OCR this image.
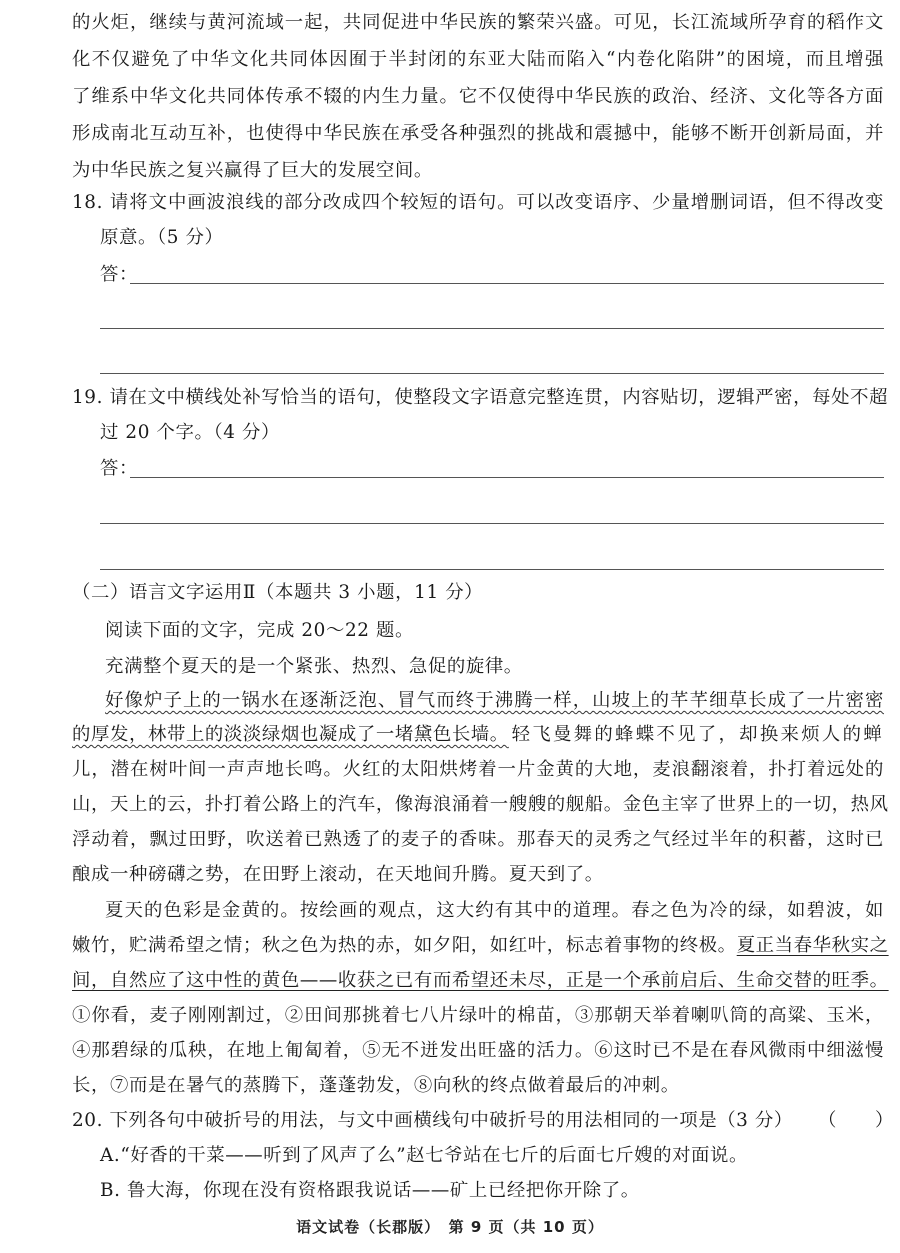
的火炬，继续与黄河流域一起，共同促进中华民族的繁荣兴盛。可见，长江流域所孕育的稻作文
化不仅避免了中华文化共同体因囿于半封闭的东亚大陆而陷入“内卷化陷阱”的困境，而且增强
了维系中华文化共同体传承不辍的内生力量。它不仅使得中华民族的政治、经济、文化等各方面
形成南北互动互补，也使得中华民族在承受各种强烈的挑战和震撼中，能够不断开创新局面，并
为中华民族之复兴赢得了巨大的发展空间。
18. 请将文中画波浪线的部分改成四个较短的语句。可以改变语序、少量增删词语，但不得改变
原意。（5 分）
答：
19. 请在文中横线处补写恰当的语句，使整段文字语意完整连贯，内容贴切，逻辑严密，每处不超
过 20 个字。（4 分）
答：
（二）语言文字运用Ⅱ（本题共 3 小题，11 分）
阅读下面的文字，完成 20～22 题。
充满整个夏天的是一个紧张、热烈、急促的旋律。
好像炉子上的一锅水在逐渐泛泡、冒气而终于沸腾一样，山坡上的芊芊细草长成了一片密密
的厚发，林带上的淡淡绿烟也凝成了一堵黛色长墙。 轻飞曼舞的蜂蝶不见了，却换来烦人的蝉
儿，潜在树叶间一声声地长鸣。火红的太阳烘烤着一片金黄的大地，麦浪翻滚着，扑打着远处的
山，天上的云，扑打着公路上的汽车，像海浪涌着一艘艘的舰船。金色主宰了世界上的一切，热风
浮动着，飘过田野，吹送着已熟透了的麦子的香味。那春天的灵秀之气经过半年的积蓄，这时已
酿成一种磅礴之势，在田野上滚动，在天地间升腾。夏天到了。
夏天的色彩是金黄的。按绘画的观点，这大约有其中的道理。春之色为冷的绿，如碧波，如
嫩竹，贮满希望之情；秋之色为热的赤，如夕阳，如红叶，标志着事物的终极。 夏正当春华秋实之
间，自然应了这中性的黄色——收获之已有而希望还未尽，正是一个承前启后、生命交替的旺季。
①你看，麦子刚刚割过，②田间那挑着七八片绿叶的棉苗，③那朝天举着喇叭筒的高粱、玉米，
④那碧绿的瓜秧，在地上匍匐着，⑤无不迸发出旺盛的活力。⑥这时已不是在春风微雨中细滋慢
长，⑦而是在暑气的蒸腾下，蓬蓬勃发，⑧向秋的终点做着最后的冲刺。
20. 下列各句中破折号的用法，与文中画横线句中破折号的用法相同的一项是（3 分） （　　）
A.“好香的干菜——听到了风声了么”赵七爷站在七斤的后面七斤嫂的对面说。
B. 鲁大海，你现在没有资格跟我说话——矿上已经把你开除了。
语文试卷（长郡版）　第 9 页（共 10 页）
